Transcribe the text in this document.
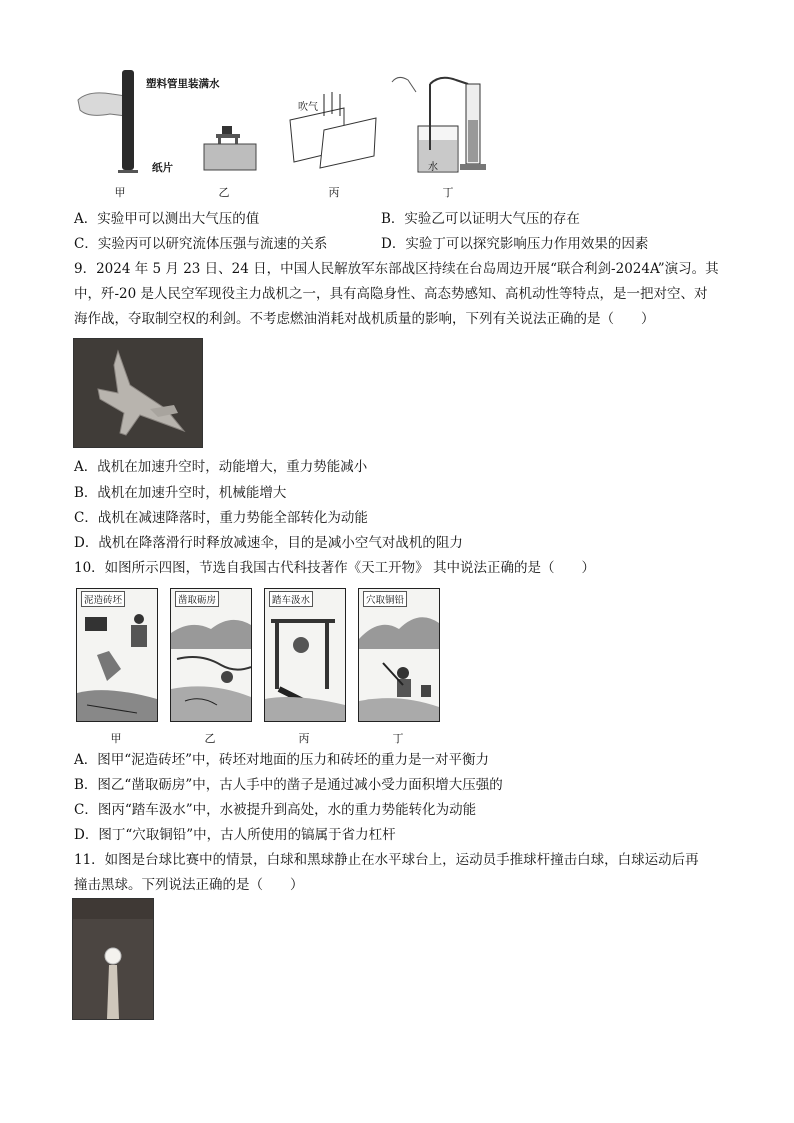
塑料管里装满水
纸片
吹气
水
甲	乙	丙	丁
A．实验甲可以测出大气压的值	B．实验乙可以证明大气压的存在
C．实验丙可以研究流体压强与流速的关系	D．实验丁可以探究影响压力作用效果的因素
9．2024 年 5 月 23 日、24 日，中国人民解放军东部战区持续在台岛周边开展“联合利剑-2024A”演习。其
中，歼-20 是人民空军现役主力战机之一，具有高隐身性、高态势感知、高机动性等特点，是一把对空、对
海作战，夺取制空权的利剑。不考虑燃油消耗对战机质量的影响，下列有关说法正确的是（　　）
A．战机在加速升空时，动能增大，重力势能减小
B．战机在加速升空时，机械能增大
C．战机在减速降落时，重力势能全部转化为动能
D．战机在降落滑行时释放减速伞，目的是减小空气对战机的阻力
10．如图所示四图，节选自我国古代科技著作《天工开物》 其中说法正确的是（　　）
泥造砖坯	凿取砺房	踏车汲水	穴取铜铅
甲	乙	丙	丁
A．图甲“泥造砖坯”中，砖坯对地面的压力和砖坯的重力是一对平衡力
B．图乙“凿取砺房”中，古人手中的凿子是通过减小受力面积增大压强的
C．图丙“踏车汲水”中，水被提升到高处，水的重力势能转化为动能
D．图丁“穴取铜铅”中，古人所使用的镐属于省力杠杆
11．如图是台球比赛中的情景，白球和黑球静止在水平球台上，运动员手推球杆撞击白球，白球运动后再
撞击黑球。下列说法正确的是（　　）
